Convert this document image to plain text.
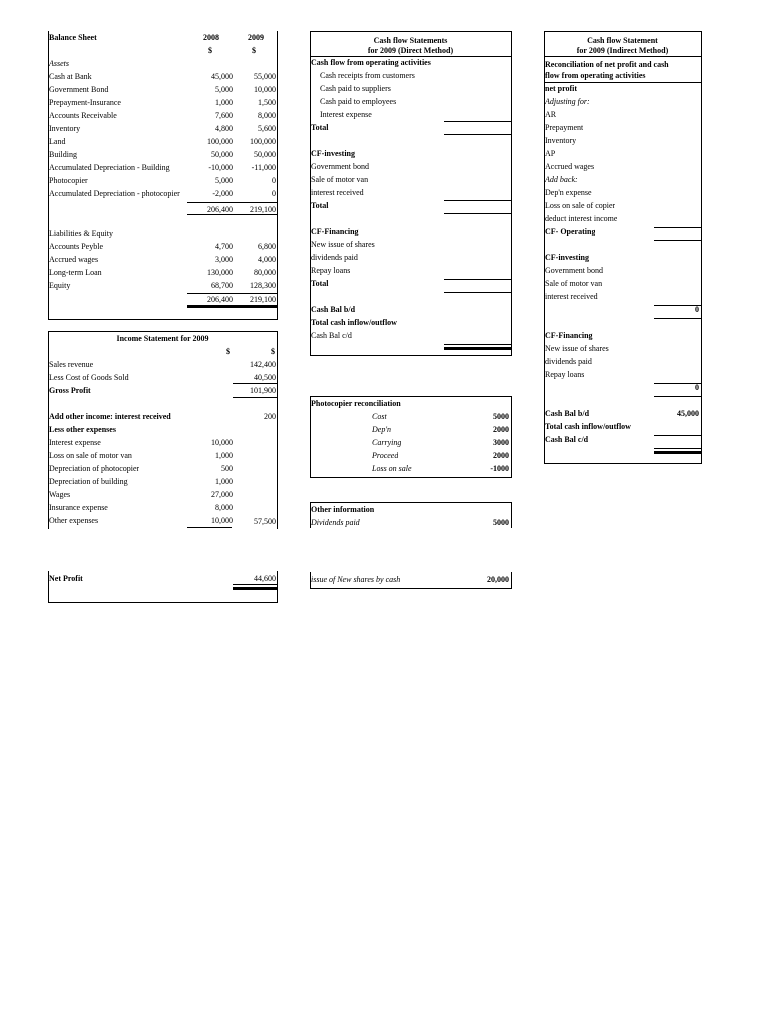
Balance Sheet	2008	2009
$	$
Assets
Cash at Bank	45,000	55,000
Government Bond	5,000	10,000
Prepayment-Insurance	1,000	1,500
Accounts Receivable	7,600	8,000
Inventory	4,800	5,600
Land	100,000	100,000
Building	50,000	50,000
Accumulated Depreciation - Building	-10,000	-11,000
Photocopier	5,000	0
Accumulated Depreciation - photocopier	-2,000	0
206,400	219,100
Liabilities & Equity
Accounts Peyble	4,700	6,800
Accrued wages	3,000	4,000
Long-term Loan	130,000	80,000
Equity	68,700	128,300
206,400	219,100
Income Statement for 2009
$	$
Sales revenue	142,400
Less Cost of Goods Sold	40,500
Gross Profit	101,900
Add other income: interest received	200
Less other expenses
Interest expense	10,000
Loss on sale of motor van	1,000
Depreciation of photocopier	500
Depreciation of building	1,000
Wages	27,000
Insurance expense	8,000
Other expenses	10,000	57,500
Net Profit	44,600
Cash flow Statements
for 2009 (Direct Method)
Cash flow from operating activities
Cash receipts from customers
Cash paid to suppliers
Cash paid to employees
Interest expense
Total
CF-investing
Government bond
Sale of motor van
interest received
Total
CF-Financing
New issue of shares
dividends paid
Repay loans
Total
Cash Bal b/d
Total cash inflow/outflow
Cash Bal c/d
Photocopier reconciliation
Cost	5000
Dep'n	2000
Carrying	3000
Proceed	2000
Loss on sale	-1000
Other information
Dividends paid	5000
issue of New shares by cash	20,000
Cash flow Statement
for 2009 (Indirect Method)
Reconciliation of net profit and cash
flow from operating activities
net profit
Adjusting for:
AR
Prepayment
Inventory
AP
Accrued wages
Add back:
Dep'n expense
Loss on sale of copier
deduct interest income
CF- Operating
CF-investing
Government bond
Sale of motor van
interest received
0
CF-Financing
New issue of shares
dividends paid
Repay loans
0
Cash Bal b/d	45,000
Total cash inflow/outflow
Cash Bal c/d
